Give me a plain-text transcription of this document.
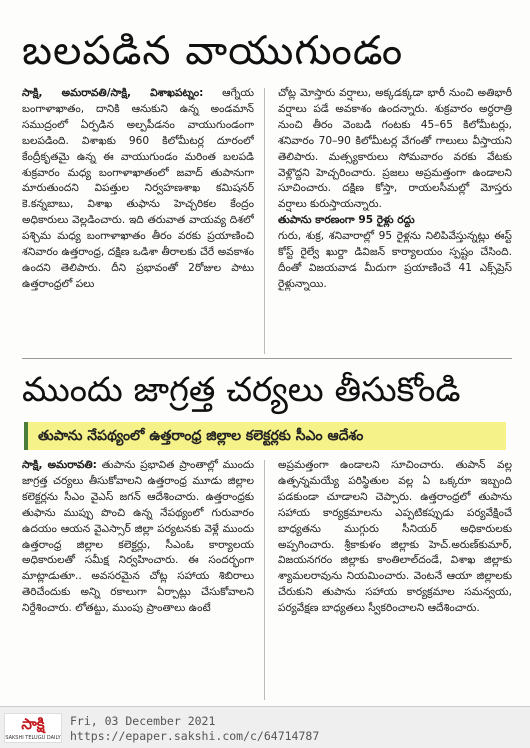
బలపడిన వాయుగుండం

సాక్షి, అమరావతి/సాక్షి, విశాఖపట్నం: ఆగ్నేయ బంగాళాఖాతం, దానికి ఆనుకుని ఉన్న అండమాన్ సముద్రంలో ఏర్పడిన అల్పపీడనం వాయుగుండంగా బలపడింది. విశాఖకు 960 కిలోమీటర్ల దూరంలో కేంద్రీకృతమై ఉన్న ఈ వాయుగుండం మరింత బలపడి శుక్రవారం మధ్య బంగాళాఖాతంలో జవాద్ తుపానుగా మారుతుందని విపత్తుల నిర్వహణశాఖ కమిషనర్ కె.కన్నబాబు, విశాఖ తుఫాను హెచ్చరికల కేంద్రం అధికారులు వెల్లడించారు. ఇది తరువాత వాయవ్య దిశలో పశ్చిమ మధ్య బంగాళాఖాతం తీరం వరకు ప్రయాణించి శనివారం ఉత్తరాంధ్ర, దక్షిణ ఒడిశా తీరాలకు చేరే అవకాశం ఉందని తెలిపారు. దీని ప్రభావంతో 2రోజుల పాటు ఉత్తరాంధ్రలో పలు

చోట్ల మోస్తారు వర్షాలు, అక్కడక్కడా భారీ నుంచి అతిభారీ వర్షాలు పడే అవకాశం ఉందన్నారు. శుక్రవారం అర్ధరాత్రి నుంచి తీరం వెంబడి గంటకు 45–65 కిలోమీటర్లు, శనివారం 70–90 కిలోమీటర్ల వేగంతో గాలులు వీస్తాయని తెలిపారు. మత్స్యకారులు సోమవారం వరకు వేటకు వెళ్లొద్దని హెచ్చరించారు. ప్రజలు అప్రమత్తంగా ఉండాలని సూచించారు. దక్షిణ కోస్తా, రాయలసీమల్లో మోస్తరు వర్షాలు కురుస్తాయన్నారు.

తుపాను కారణంగా 95 రైళ్లు రద్దు

గురు, శుక్ర, శనివారాల్లో 95 రైళ్లను నిలిపివేస్తున్నట్లు ఈస్ట్ కోస్ట్ రైల్వే ఖుర్దా డివిజన్ కార్యాలయం స్పష్టం చేసింది. దీంతో విజయవాడ మీదుగా ప్రయాణించే 41 ఎక్స్‌ప్రెస్ రైళ్లున్నాయి.

ముందు జాగ్రత్త చర్యలు తీసుకోండి
తుపాను నేపథ్యంలో ఉత్తరాంధ్ర జిల్లాల కలెక్టర్లకు సీఎం ఆదేశం

సాక్షి, అమరావతి: తుపాను ప్రభావిత ప్రాంతాల్లో ముందు జాగ్రత్త చర్యలు తీసుకోవాలని ఉత్తరాంధ్ర మూడు జిల్లాల కలెక్టర్లను సీఎం వైఎస్ జగన్ ఆదేశించారు. ఉత్తరాంధ్రకు తుఫాను ముప్పు పొంచి ఉన్న నేపథ్యంలో గురువారం ఉదయం ఆయన వైఎస్సార్ జిల్లా పర్యటనకు వెళ్లే ముందు ఉత్తరాంధ్ర జిల్లాల కలెక్టర్లు, సీఎంఓ కార్యాలయ అధికారులతో సమీక్ష నిర్వహించారు. ఈ సందర్భంగా మాట్లాడుతూ.. అవసరమైన చోట్ల సహాయ శిబిరాలు తెరిచేందుకు అన్ని రకాలుగా ఏర్పాట్లు చేసుకోవాలని నిర్దేశించారు. లోతట్టు, ముంపు ప్రాంతాలు ఉంటే

అప్రమత్తంగా ఉండాలని సూచించారు. తుపాన్ వల్ల ఉత్పన్నమయ్యే పరిస్థితుల వల్ల ఏ ఒక్కరూ ఇబ్బంది పడకుండా చూడాలని చెప్పారు. ఉత్తరాంధ్రలో తుపాను సహాయ కార్యక్రమాలను ఎప్పటికప్పుడు పర్యవేక్షించే బాధ్యతను ముగ్గురు సీనియర్ అధికారులకు అప్పగించారు. శ్రీకాకుళం జిల్లాకు హెచ్.అరుణ్‌కుమార్, విజయనగరం జిల్లాకు కాంతిలాల్‌దండే, విశాఖ జిల్లాకు శ్యామలరావును నియమించారు. వెంటనే ఆయా జిల్లాలకు చేరుకుని తుపాను సహాయ కార్యక్రమాల సమన్వయ, పర్యవేక్షణ బాధ్యతలు స్వీకరించాలని ఆదేశించారు.

సాక్షి
SAKSHI TELUGU DAILY
Fri, 03 December 2021
https://epaper.sakshi.com/c/64714787
